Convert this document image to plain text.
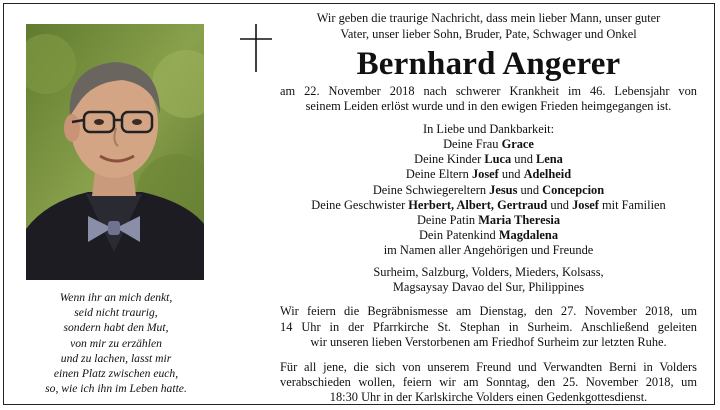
Wenn ihr an mich denkt,
seid nicht traurig,
sondern habt den Mut,
von mir zu erzählen
und zu lachen, lasst mir
einen Platz zwischen euch,
so, wie ich ihn im Leben hatte.
Wir geben die traurige Nachricht, dass mein lieber Mann, unser guter
Vater, unser lieber Sohn, Bruder, Pate, Schwager und Onkel
Bernhard Angerer
am 22. November 2018 nach schwerer Krankheit im 46. Lebensjahr von
seinem Leiden erlöst wurde und in den ewigen Frieden heimgegangen ist.
In Liebe und Dankbarkeit:
Deine Frau Grace
Deine Kinder Luca und Lena
Deine Eltern Josef und Adelheid
Deine Schwiegereltern Jesus und Concepcion
Deine Geschwister Herbert, Albert, Gertraud und Josef mit Familien
Deine Patin Maria Theresia
Dein Patenkind Magdalena
im Namen aller Angehörigen und Freunde
Surheim, Salzburg, Volders, Mieders, Kolsass,
Magsaysay Davao del Sur, Philippines
Wir feiern die Begräbnismesse am Dienstag, den 27. November 2018, um
14 Uhr in der Pfarrkirche St. Stephan in Surheim. Anschließend geleiten
wir unseren lieben Verstorbenen am Friedhof Surheim zur letzten Ruhe.
Für all jene, die sich von unserem Freund und Verwandten Berni in Volders
verabschieden wollen, feiern wir am Sonntag, den 25. November 2018, um
18:30 Uhr in der Karlskirche Volders einen Gedenkgottesdienst.
